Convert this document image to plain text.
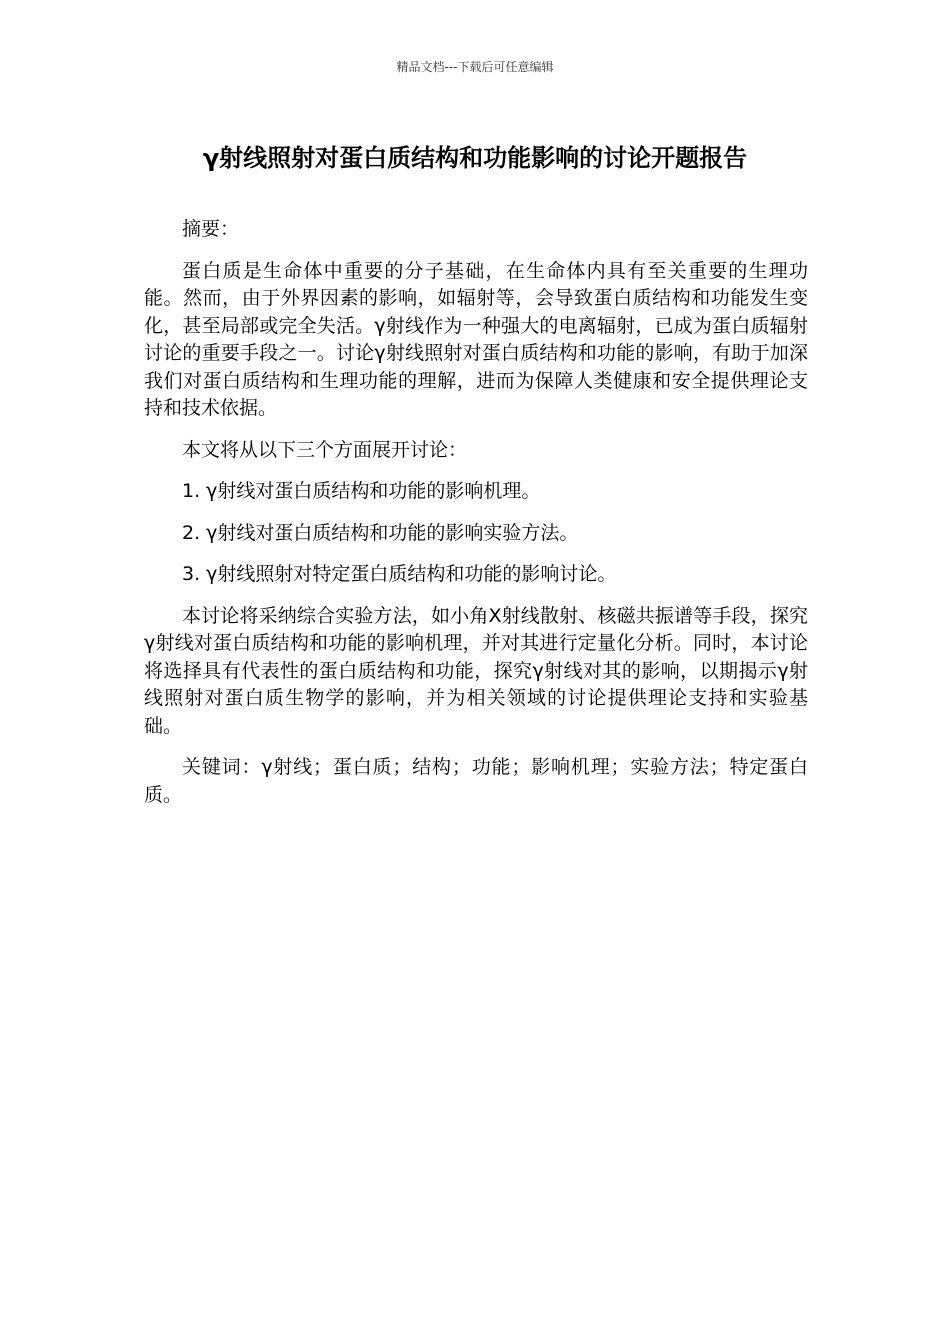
精品文档---下载后可任意编辑
γ射线照射对蛋白质结构和功能影响的讨论开题报告

摘要：

蛋白质是生命体中重要的分子基础，在生命体内具有至关重要的生理功能。然而，由于外界因素的影响，如辐射等，会导致蛋白质结构和功能发生变化，甚至局部或完全失活。γ射线作为一种强大的电离辐射，已成为蛋白质辐射讨论的重要手段之一。讨论γ射线照射对蛋白质结构和功能的影响，有助于加深我们对蛋白质结构和生理功能的理解，进而为保障人类健康和安全提供理论支持和技术依据。

本文将从以下三个方面展开讨论：

1. γ射线对蛋白质结构和功能的影响机理。

2. γ射线对蛋白质结构和功能的影响实验方法。

3. γ射线照射对特定蛋白质结构和功能的影响讨论。

本讨论将采纳综合实验方法，如小角X射线散射、核磁共振谱等手段，探究γ射线对蛋白质结构和功能的影响机理，并对其进行定量化分析。同时，本讨论将选择具有代表性的蛋白质结构和功能，探究γ射线对其的影响，以期揭示γ射线照射对蛋白质生物学的影响，并为相关领域的讨论提供理论支持和实验基础。

关键词：γ射线；蛋白质；结构；功能；影响机理；实验方法；特定蛋白质。
